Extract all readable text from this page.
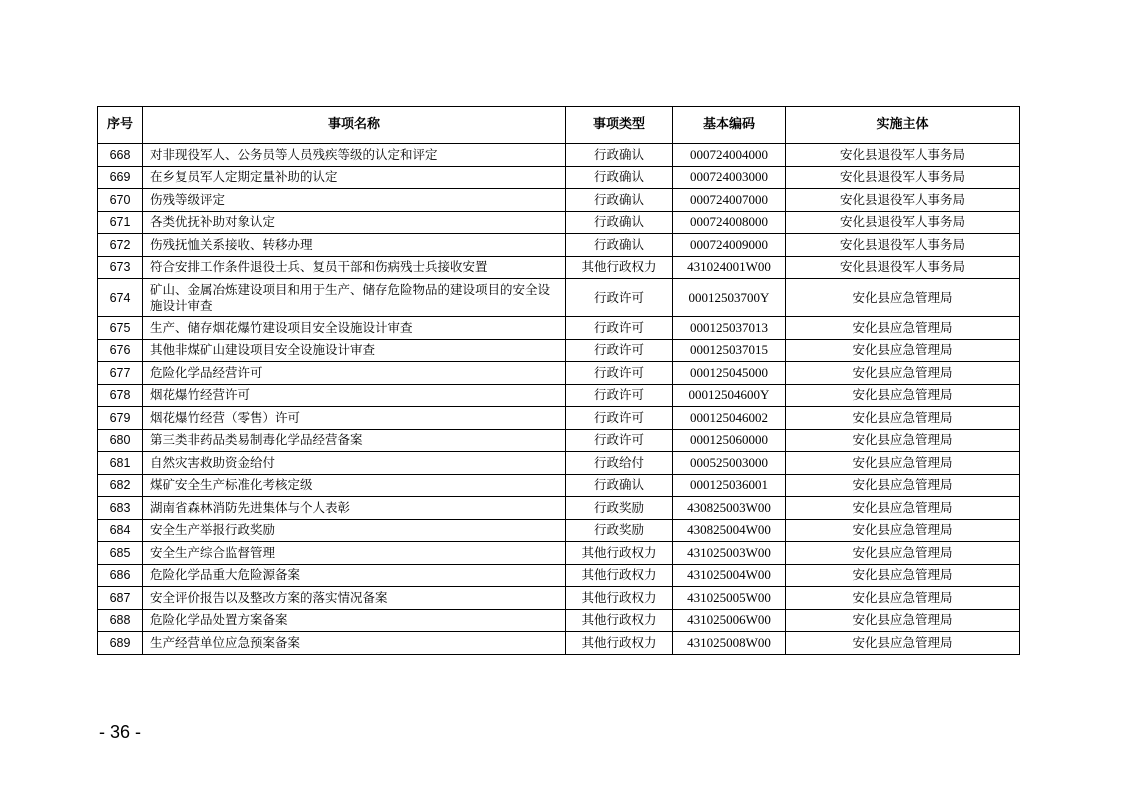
序号	事项名称	事项类型	基本编码	实施主体
668	对非现役军人、公务员等人员残疾等级的认定和评定	行政确认	000724004000	安化县退役军人事务局
669	在乡复员军人定期定量补助的认定	行政确认	000724003000	安化县退役军人事务局
670	伤残等级评定	行政确认	000724007000	安化县退役军人事务局
671	各类优抚补助对象认定	行政确认	000724008000	安化县退役军人事务局
672	伤残抚恤关系接收、转移办理	行政确认	000724009000	安化县退役军人事务局
673	符合安排工作条件退役士兵、复员干部和伤病残士兵接收安置	其他行政权力	431024001W00	安化县退役军人事务局
674	矿山、金属冶炼建设项目和用于生产、储存危险物品的建设项目的安全设施设计审查	行政许可	00012503700Y	安化县应急管理局
675	生产、储存烟花爆竹建设项目安全设施设计审查	行政许可	000125037013	安化县应急管理局
676	其他非煤矿山建设项目安全设施设计审查	行政许可	000125037015	安化县应急管理局
677	危险化学品经营许可	行政许可	000125045000	安化县应急管理局
678	烟花爆竹经营许可	行政许可	00012504600Y	安化县应急管理局
679	烟花爆竹经营（零售）许可	行政许可	000125046002	安化县应急管理局
680	第三类非药品类易制毒化学品经营备案	行政许可	000125060000	安化县应急管理局
681	自然灾害救助资金给付	行政给付	000525003000	安化县应急管理局
682	煤矿安全生产标准化考核定级	行政确认	000125036001	安化县应急管理局
683	湖南省森林消防先进集体与个人表彰	行政奖励	430825003W00	安化县应急管理局
684	安全生产举报行政奖励	行政奖励	430825004W00	安化县应急管理局
685	安全生产综合监督管理	其他行政权力	431025003W00	安化县应急管理局
686	危险化学品重大危险源备案	其他行政权力	431025004W00	安化县应急管理局
687	安全评价报告以及整改方案的落实情况备案	其他行政权力	431025005W00	安化县应急管理局
688	危险化学品处置方案备案	其他行政权力	431025006W00	安化县应急管理局
689	生产经营单位应急预案备案	其他行政权力	431025008W00	安化县应急管理局
- 36 -
